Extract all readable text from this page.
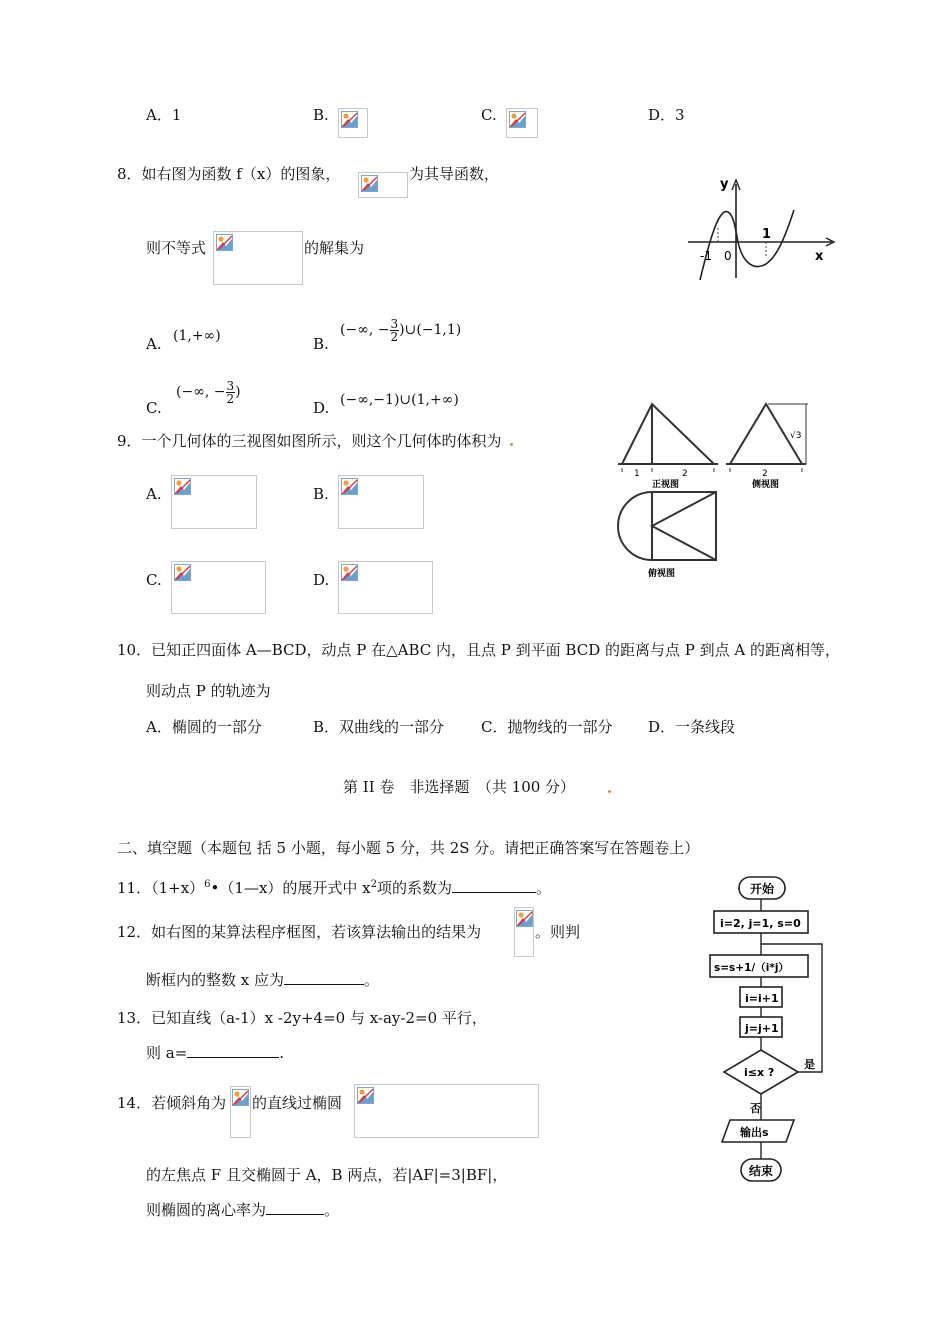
A．1	B.	C.	D．3
8．如右图为函数 f（x）的图象，	为其导函数，
则不等式	的解集为
A. (1,+∞)	B.
(−∞, − $\frac{3}{2}$ )∪(−1,1)
C.
(−∞, − $\frac{3}{2}$ )
D. (−∞,−1)∪(1,+∞)
y
x
-1 0
1
9．一个几何体的三视图如图所示，则这个几何体旳体积为
A.	B.
C.	D.
1	2	2
√3
正视图	侧视图
俯视图
10．已知正四面体 A—BCD，动点 P 在△ABC 内，且点 P 到平面 BCD 的距离与点 P 到点 A 的距离相等，
则动点 P 的轨迹为
A．椭圆的一部分	B．双曲线的一部分 C．抛物线的一部分 D．一条线段
第 II 卷　非选择题　（共 100 分）
二、填空题（本题包 括 5 小题，每小题 5 分，共 2S 分。请把正确答案写在答题卷上）
11．$(1+x)^6•(1—x)$的展开式中 $x^2$项的系数为	。
12．如右图的某算法程序框图，若该算法输出的结果为	。则判
断框内的整数 x 应为	。
13．已知直线（a-1）x -2y+4=0 与 x-ay-2=0 平行，
则 a=	.
14．若倾斜角为 的直线过椭圆
的左焦点 F 且交椭圆于 A，B 两点，若|AF|=3|BF|，
则椭圆的离心率为	。
开始
i=2, j=1, s=0
s=s+1/（i*j）
i=i+1
j=j+1
i≤x ?
是
否
输出s
结束
